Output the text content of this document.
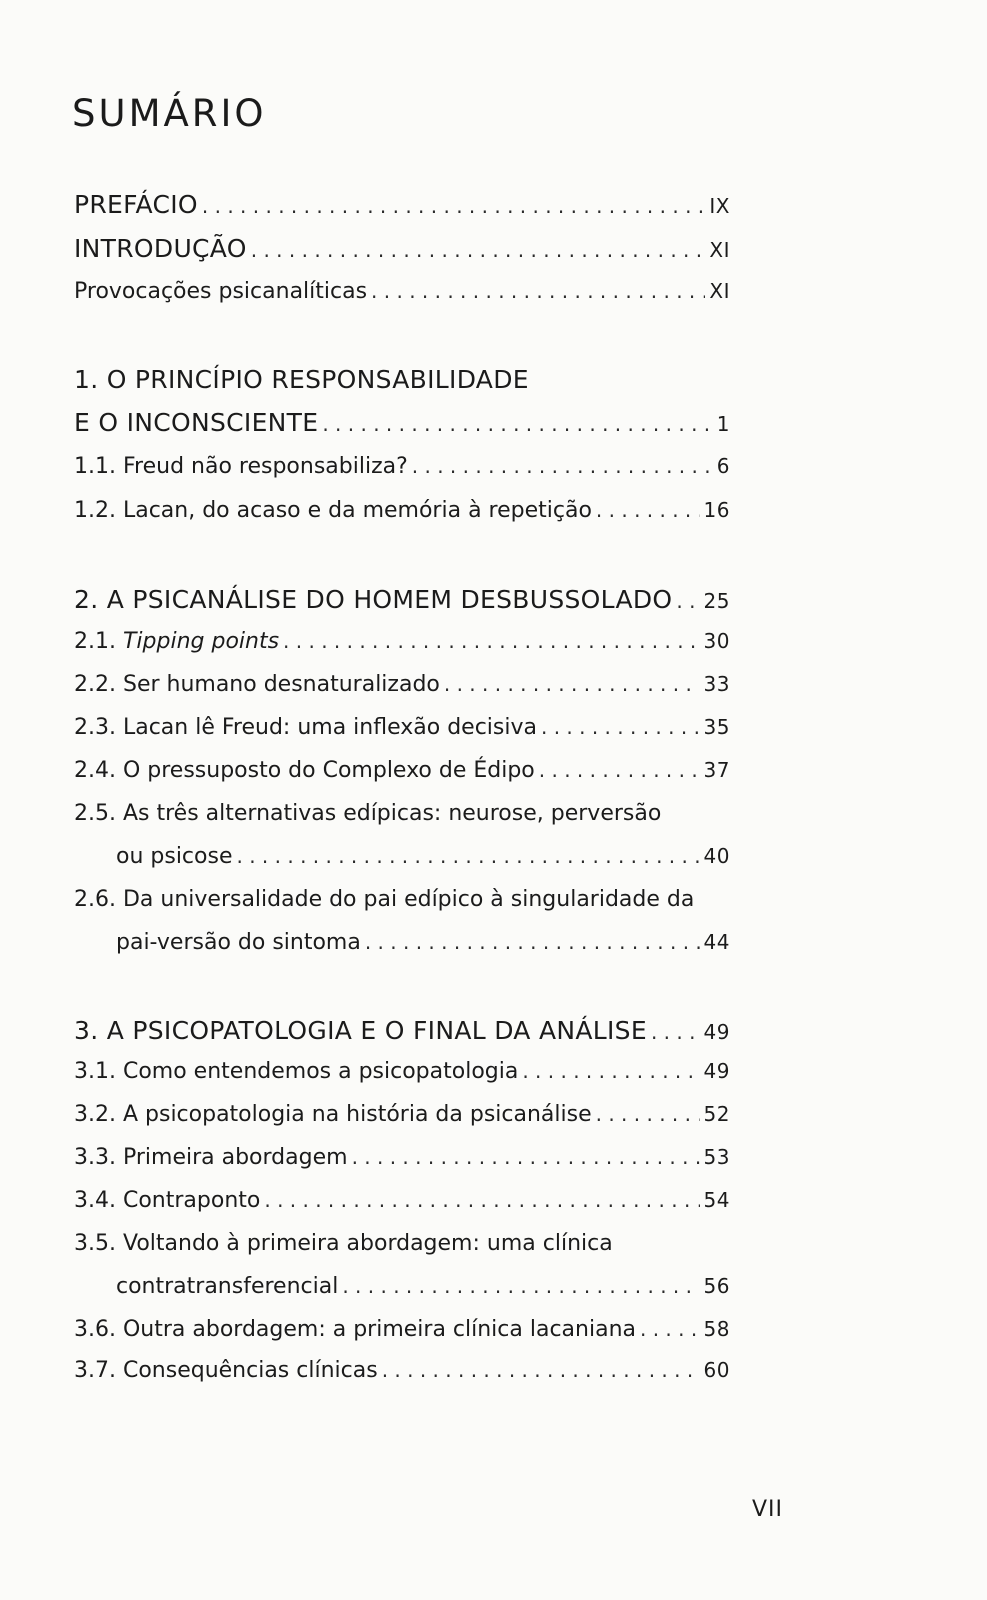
SUMÁRIO
PREFÁCIO . . .	IX
INTRODUÇÃO . . .	XI
Provocações psicanalíticas . . .	XI
1. O PRINCÍPIO RESPONSABILIDADE
E O INCONSCIENTE . . .	1
1.1. Freud não responsabiliza? . . .	6
1.2. Lacan, do acaso e da memória à repetição . . .	16
2. A PSICANÁLISE DO HOMEM DESBUSSOLADO . . . 25
2.1. Tipping points . . .	30
2.2. Ser humano desnaturalizado . . .	33
2.3. Lacan lê Freud: uma inflexão decisiva . . .	35
2.4. O pressuposto do Complexo de Édipo . . .	37
2.5. As três alternativas edípicas: neurose, perversão
ou psicose . . .	40
2.6. Da universalidade do pai edípico à singularidade da
pai-versão do sintoma . . .	44
3. A PSICOPATOLOGIA E O FINAL DA ANÁLISE . . .	49
3.1. Como entendemos a psicopatologia . . .	49
3.2. A psicopatologia na história da psicanálise . . .	52
3.3. Primeira abordagem . . .	53
3.4. Contraponto . . .	54
3.5. Voltando à primeira abordagem: uma clínica
contratransferencial . . .	56
3.6. Outra abordagem: a primeira clínica lacaniana . . .	58
3.7. Consequências clínicas . . .	60
VII
